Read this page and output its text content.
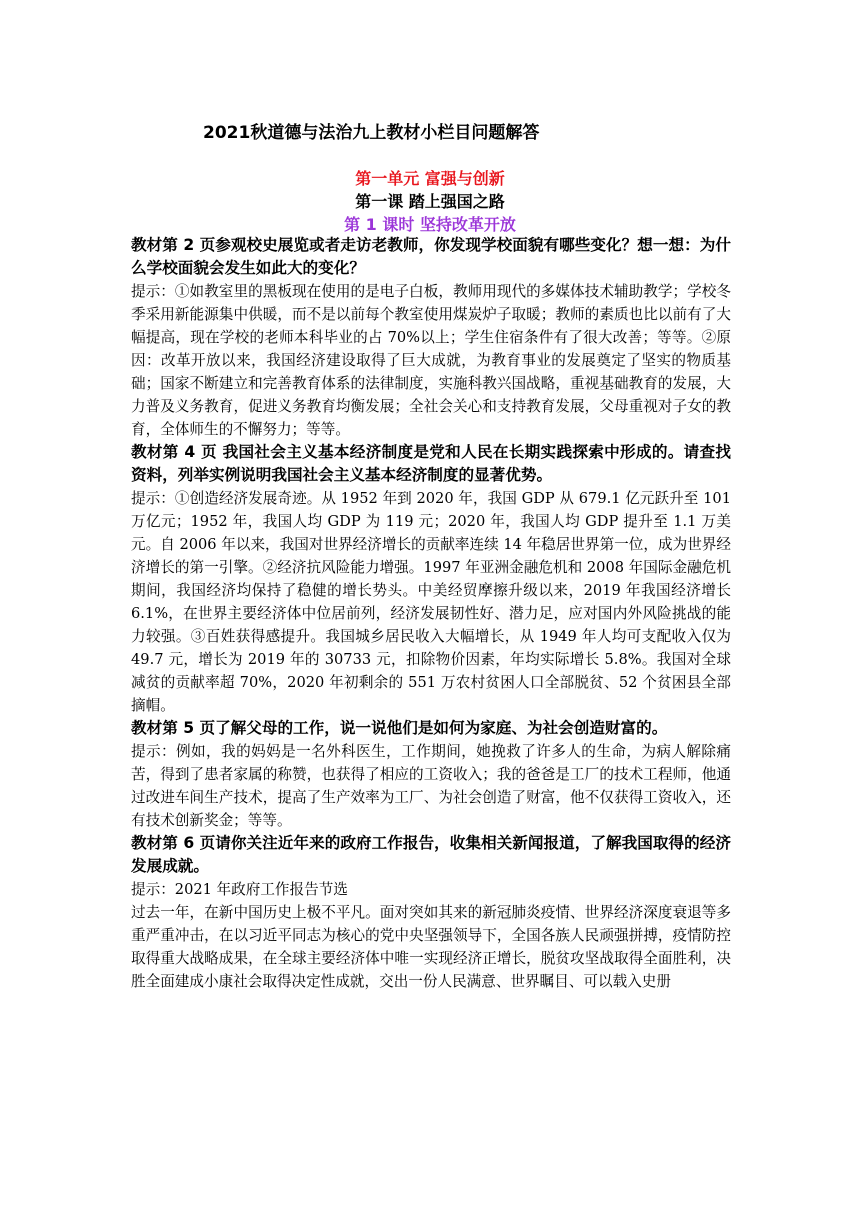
2021秋道德与法治九上教材小栏目问题解答
第一单元 富强与创新
第一课 踏上强国之路
第 1 课时 坚持改革开放

教材第 2 页参观校史展览或者走访老教师，你发现学校面貌有哪些变化？想一想：为什么学校面貌会发生如此大的变化？

提示：①如教室里的黑板现在使用的是电子白板，教师用现代的多媒体技术辅助教学；学校冬季采用新能源集中供暖，而不是以前每个教室使用煤炭炉子取暖；教师的素质也比以前有了大幅提高，现在学校的老师本科毕业的占 70%以上；学生住宿条件有了很大改善；等等。②原因：改革开放以来，我国经济建设取得了巨大成就，为教育事业的发展奠定了坚实的物质基础；国家不断建立和完善教育体系的法律制度，实施科教兴国战略，重视基础教育的发展，大力普及义务教育，促进义务教育均衡发展；全社会关心和支持教育发展，父母重视对子女的教育，全体师生的不懈努力；等等。

教材第 4 页 我国社会主义基本经济制度是党和人民在长期实践探索中形成的。请查找资料，列举实例说明我国社会主义基本经济制度的显著优势。

提示：①创造经济发展奇迹。从 1952 年到 2020 年，我国 GDP 从 679.1 亿元跃升至 101 万亿元；1952 年，我国人均 GDP 为 119 元；2020 年，我国人均 GDP 提升至 1.1 万美元。自 2006 年以来，我国对世界经济增长的贡献率连续 14 年稳居世界第一位，成为世界经济增长的第一引擎。②经济抗风险能力增强。1997 年亚洲金融危机和 2008 年国际金融危机期间，我国经济均保持了稳健的增长势头。中美经贸摩擦升级以来，2019 年我国经济增长 6.1%，在世界主要经济体中位居前列，经济发展韧性好、潜力足，应对国内外风险挑战的能力较强。③百姓获得感提升。我国城乡居民收入大幅增长，从 1949 年人均可支配收入仅为 49.7 元，增长为 2019 年的 30733 元，扣除物价因素，年均实际增长 5.8%。我国对全球减贫的贡献率超 70%，2020 年初剩余的 551 万农村贫困人口全部脱贫、52 个贫困县全部摘帽。

教材第 5 页了解父母的工作，说一说他们是如何为家庭、为社会创造财富的。

提示：例如，我的妈妈是一名外科医生，工作期间，她挽救了许多人的生命，为病人解除痛苦，得到了患者家属的称赞，也获得了相应的工资收入；我的爸爸是工厂的技术工程师，他通过改进车间生产技术，提高了生产效率为工厂、为社会创造了财富，他不仅获得工资收入，还有技术创新奖金；等等。

教材第 6 页请你关注近年来的政府工作报告，收集相关新闻报道，了解我国取得的经济发展成就。

提示：2021 年政府工作报告节选

过去一年，在新中国历史上极不平凡。面对突如其来的新冠肺炎疫情、世界经济深度衰退等多重严重冲击，在以习近平同志为核心的党中央坚强领导下，全国各族人民顽强拼搏，疫情防控取得重大战略成果，在全球主要经济体中唯一实现经济正增长，脱贫攻坚战取得全面胜利，决胜全面建成小康社会取得决定性成就，交出一份人民满意、世界瞩目、可以载入史册
